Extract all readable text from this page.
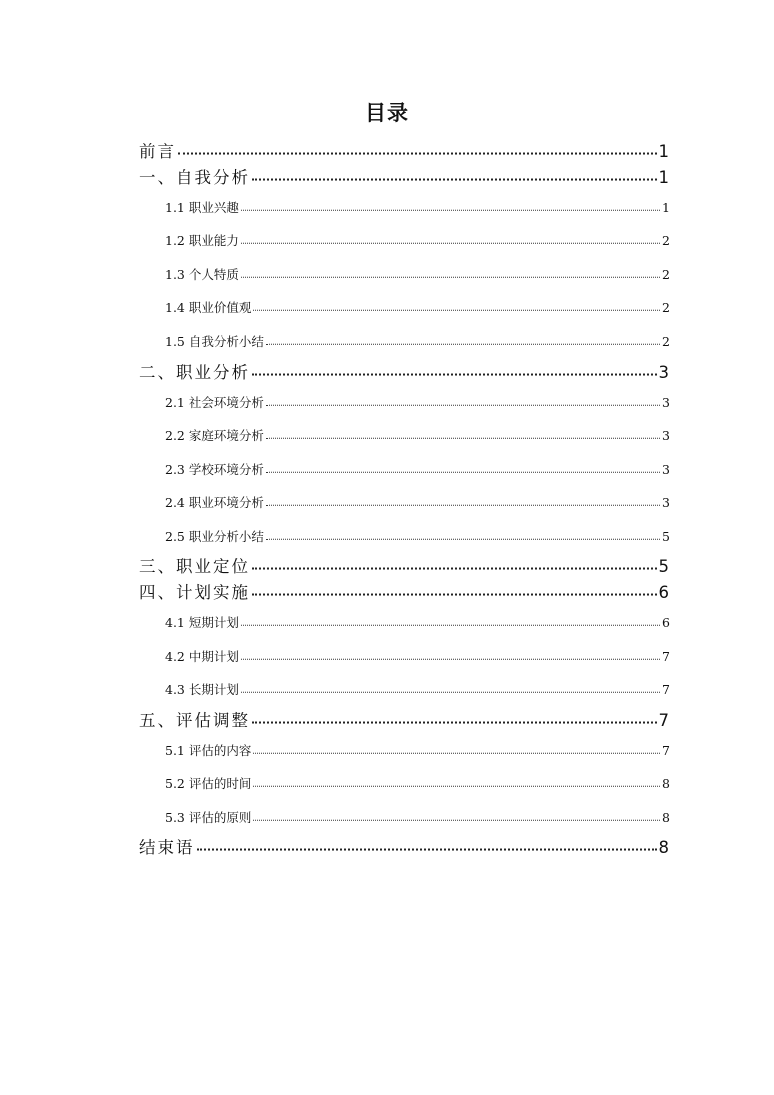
目录
前言	1
一、自我分析	1
1.1 职业兴趣	1
1.2 职业能力	2
1.3 个人特质	2
1.4 职业价值观	2
1.5 自我分析小结	2
二、职业分析	3
2.1 社会环境分析	3
2.2 家庭环境分析	3
2.3 学校环境分析	3
2.4 职业环境分析	3
2.5 职业分析小结	5
三、职业定位	5
四、计划实施	6
4.1 短期计划	6
4.2 中期计划	7
4.3 长期计划	7
五、评估调整	7
5.1 评估的内容	7
5.2 评估的时间	8
5.3 评估的原则	8
结束语	8
